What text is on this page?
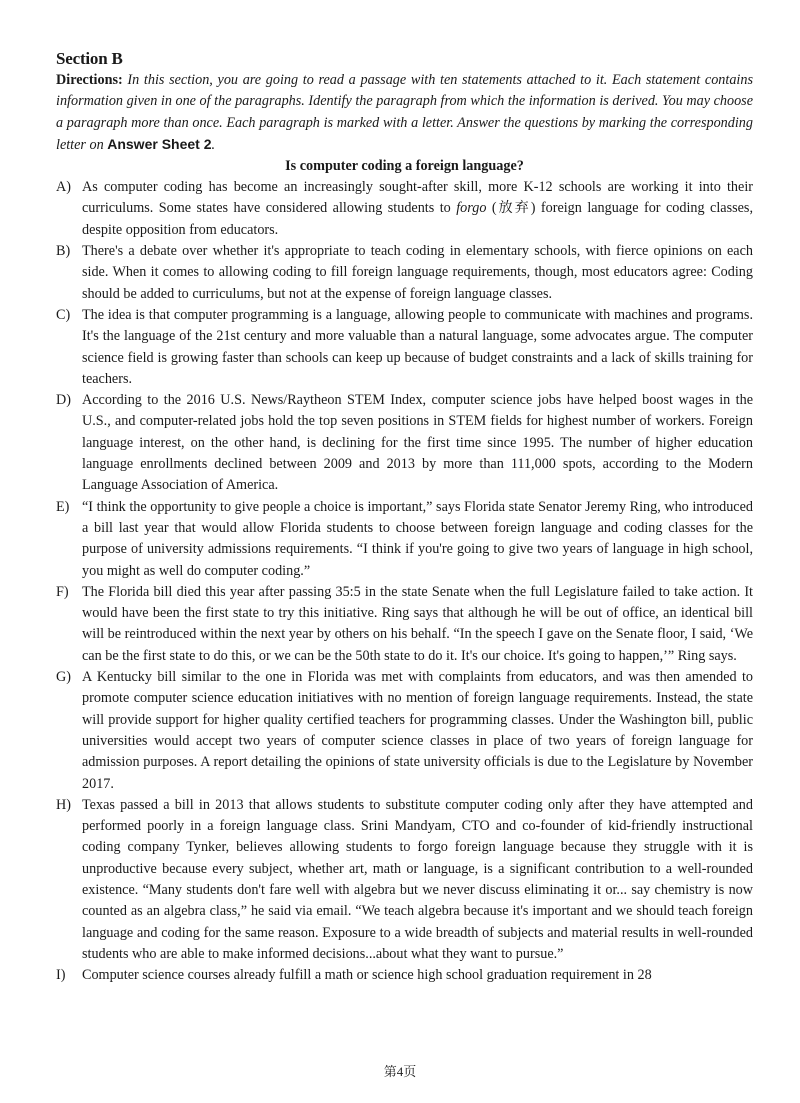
Section B

Directions: In this section, you are going to read a passage with ten statements attached to it. Each statement contains information given in one of the paragraphs. Identify the paragraph from which the information is derived. You may choose a paragraph more than once. Each paragraph is marked with a letter. Answer the questions by marking the corresponding letter on Answer Sheet 2.

Is computer coding a foreign language?
A) As computer coding has become an increasingly sought-after skill, more K-12 schools are working it into their curriculums. Some states have considered allowing students to forgo (放弃) foreign language for coding classes, despite opposition from educators.
B) There's a debate over whether it's appropriate to teach coding in elementary schools, with fierce opinions on each side. When it comes to allowing coding to fill foreign language requirements, though, most educators agree: Coding should be added to curriculums, but not at the expense of foreign language classes.
C) The idea is that computer programming is a language, allowing people to communicate with machines and programs. It's the language of the 21st century and more valuable than a natural language, some advocates argue. The computer science field is growing faster than schools can keep up because of budget constraints and a lack of skills training for teachers.
D) According to the 2016 U.S. News/Raytheon STEM Index, computer science jobs have helped boost wages in the U.S., and computer-related jobs hold the top seven positions in STEM fields for highest number of workers. Foreign language interest, on the other hand, is declining for the first time since 1995. The number of higher education language enrollments declined between 2009 and 2013 by more than 111,000 spots, according to the Modern Language Association of America.
E) “I think the opportunity to give people a choice is important,” says Florida state Senator Jeremy Ring, who introduced a bill last year that would allow Florida students to choose between foreign language and coding classes for the purpose of university admissions requirements. “I think if you're going to give two years of language in high school, you might as well do computer coding.”
F) The Florida bill died this year after passing 35:5 in the state Senate when the full Legislature failed to take action. It would have been the first state to try this initiative. Ring says that although he will be out of office, an identical bill will be reintroduced within the next year by others on his behalf. “In the speech I gave on the Senate floor, I said, ‘We can be the first state to do this, or we can be the 50th state to do it. It's our choice. It's going to happen,’” Ring says.
G) A Kentucky bill similar to the one in Florida was met with complaints from educators, and was then amended to promote computer science education initiatives with no mention of foreign language requirements. Instead, the state will provide support for higher quality certified teachers for programming classes. Under the Washington bill, public universities would accept two years of computer science classes in place of two years of foreign language for admission purposes. A report detailing the opinions of state university officials is due to the Legislature by November 2017.
H) Texas passed a bill in 2013 that allows students to substitute computer coding only after they have attempted and performed poorly in a foreign language class. Srini Mandyam, CTO and co-founder of kid-friendly instructional coding company Tynker, believes allowing students to forgo foreign language because they struggle with it is unproductive because every subject, whether art, math or language, is a significant contribution to a well-rounded existence. “Many students don't fare well with algebra but we never discuss eliminating it or... say chemistry is now counted as an algebra class,” he said via email. “We teach algebra because it's important and we should teach foreign language and coding for the same reason. Exposure to a wide breadth of subjects and material results in well-rounded students who are able to make informed decisions...about what they want to pursue.”
I) Computer science courses already fulfill a math or science high school graduation requirement in 28
第4页
